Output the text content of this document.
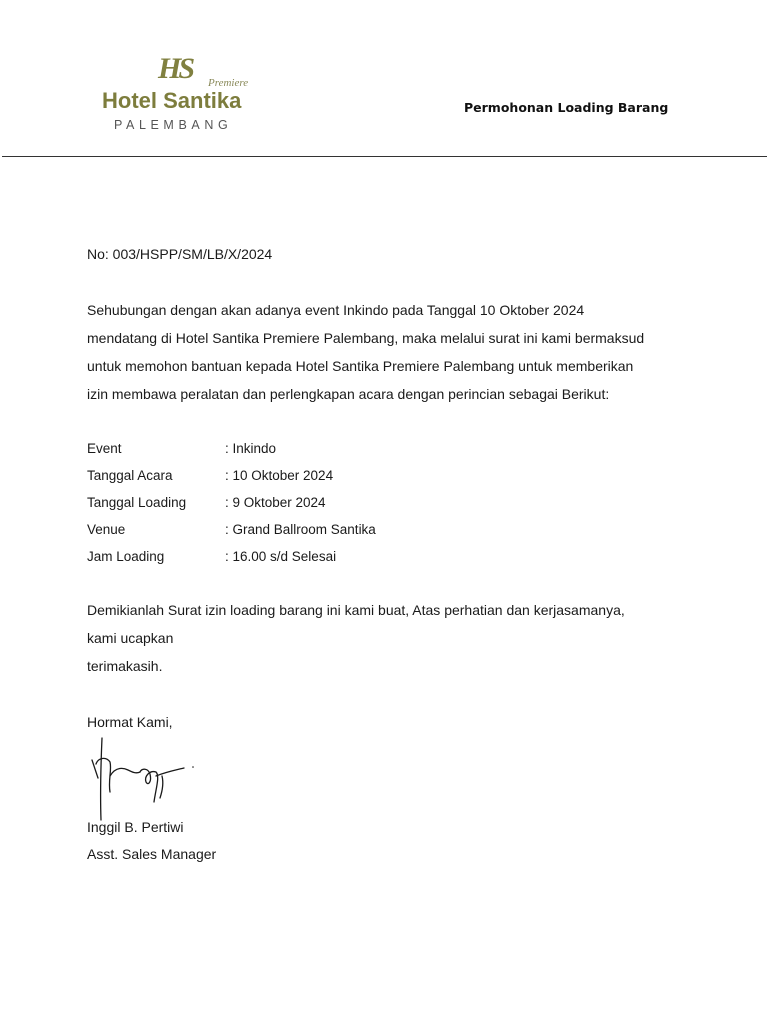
HS Premiere
Hotel Santika
PALEMBANG
Permohonan Loading Barang
No: 003/HSPP/SM/LB/X/2024
Sehubungan dengan akan adanya event Inkindo pada Tanggal 10 Oktober 2024
mendatang di Hotel Santika Premiere Palembang, maka melalui surat ini kami bermaksud
untuk memohon bantuan kepada Hotel Santika Premiere Palembang untuk memberikan
izin membawa peralatan dan perlengkapan acara dengan perincian sebagai Berikut:
Event	: Inkindo
Tanggal Acara	: 10 Oktober 2024
Tanggal Loading	: 9 Oktober 2024
Venue	: Grand Ballroom Santika
Jam Loading	: 16.00 s/d Selesai
Demikianlah Surat izin loading barang ini kami buat, Atas perhatian dan kerjasamanya,
kami ucapkan
terimakasih.
Hormat Kami,
Inggil B. Pertiwi
Asst. Sales Manager
